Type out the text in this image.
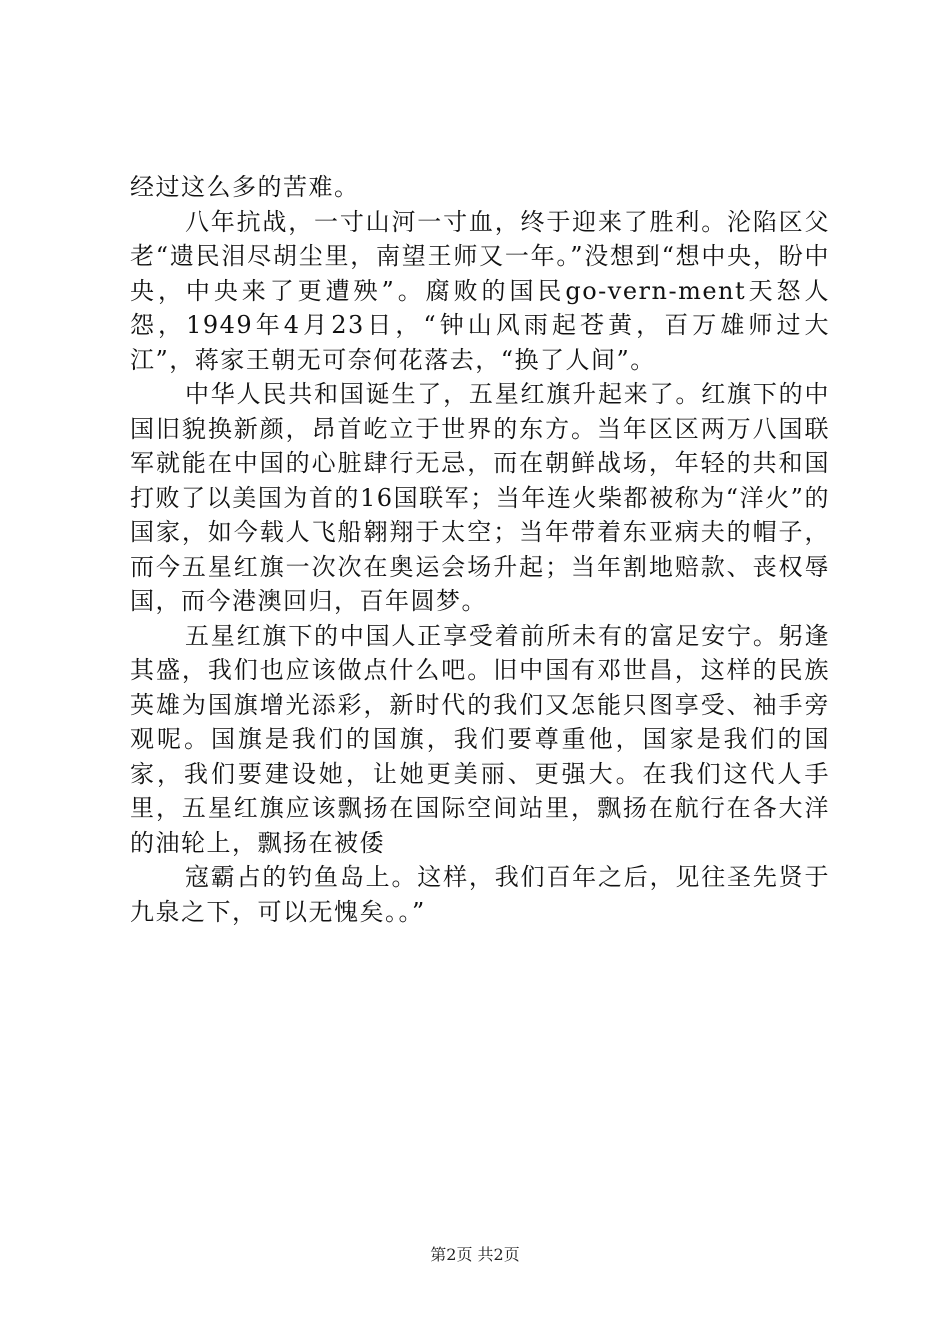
经过这么多的苦难。

八年抗战，一寸山河一寸血，终于迎来了胜利。沦陷区父老“遗民泪尽胡尘里，南望王师又一年。”没想到“想中央，盼中央，中央来了更遭殃”。腐败的国民go-vern-ment天怒人怨，1949年4月23日，“钟山风雨起苍黄，百万雄师过大江”，蒋家王朝无可奈何花落去，“换了人间”。

中华人民共和国诞生了，五星红旗升起来了。红旗下的中国旧貌换新颜，昂首屹立于世界的东方。当年区区两万八国联军就能在中国的心脏肆行无忌，而在朝鲜战场，年轻的共和国打败了以美国为首的16国联军；当年连火柴都被称为“洋火”的国家，如今载人飞船翱翔于太空；当年带着东亚病夫的帽子，而今五星红旗一次次在奥运会场升起；当年割地赔款、丧权辱国，而今港澳回归，百年圆梦。

五星红旗下的中国人正享受着前所未有的富足安宁。躬逢其盛，我们也应该做点什么吧。旧中国有邓世昌，这样的民族英雄为国旗增光添彩，新时代的我们又怎能只图享受、袖手旁观呢。国旗是我们的国旗，我们要尊重他，国家是我们的国家，我们要建设她，让她更美丽、更强大。在我们这代人手里，五星红旗应该飘扬在国际空间站里，飘扬在航行在各大洋的油轮上，飘扬在被倭

寇霸占的钓鱼岛上。这样，我们百年之后，见往圣先贤于九泉之下，可以无愧矣。。”

第2页 共2页
